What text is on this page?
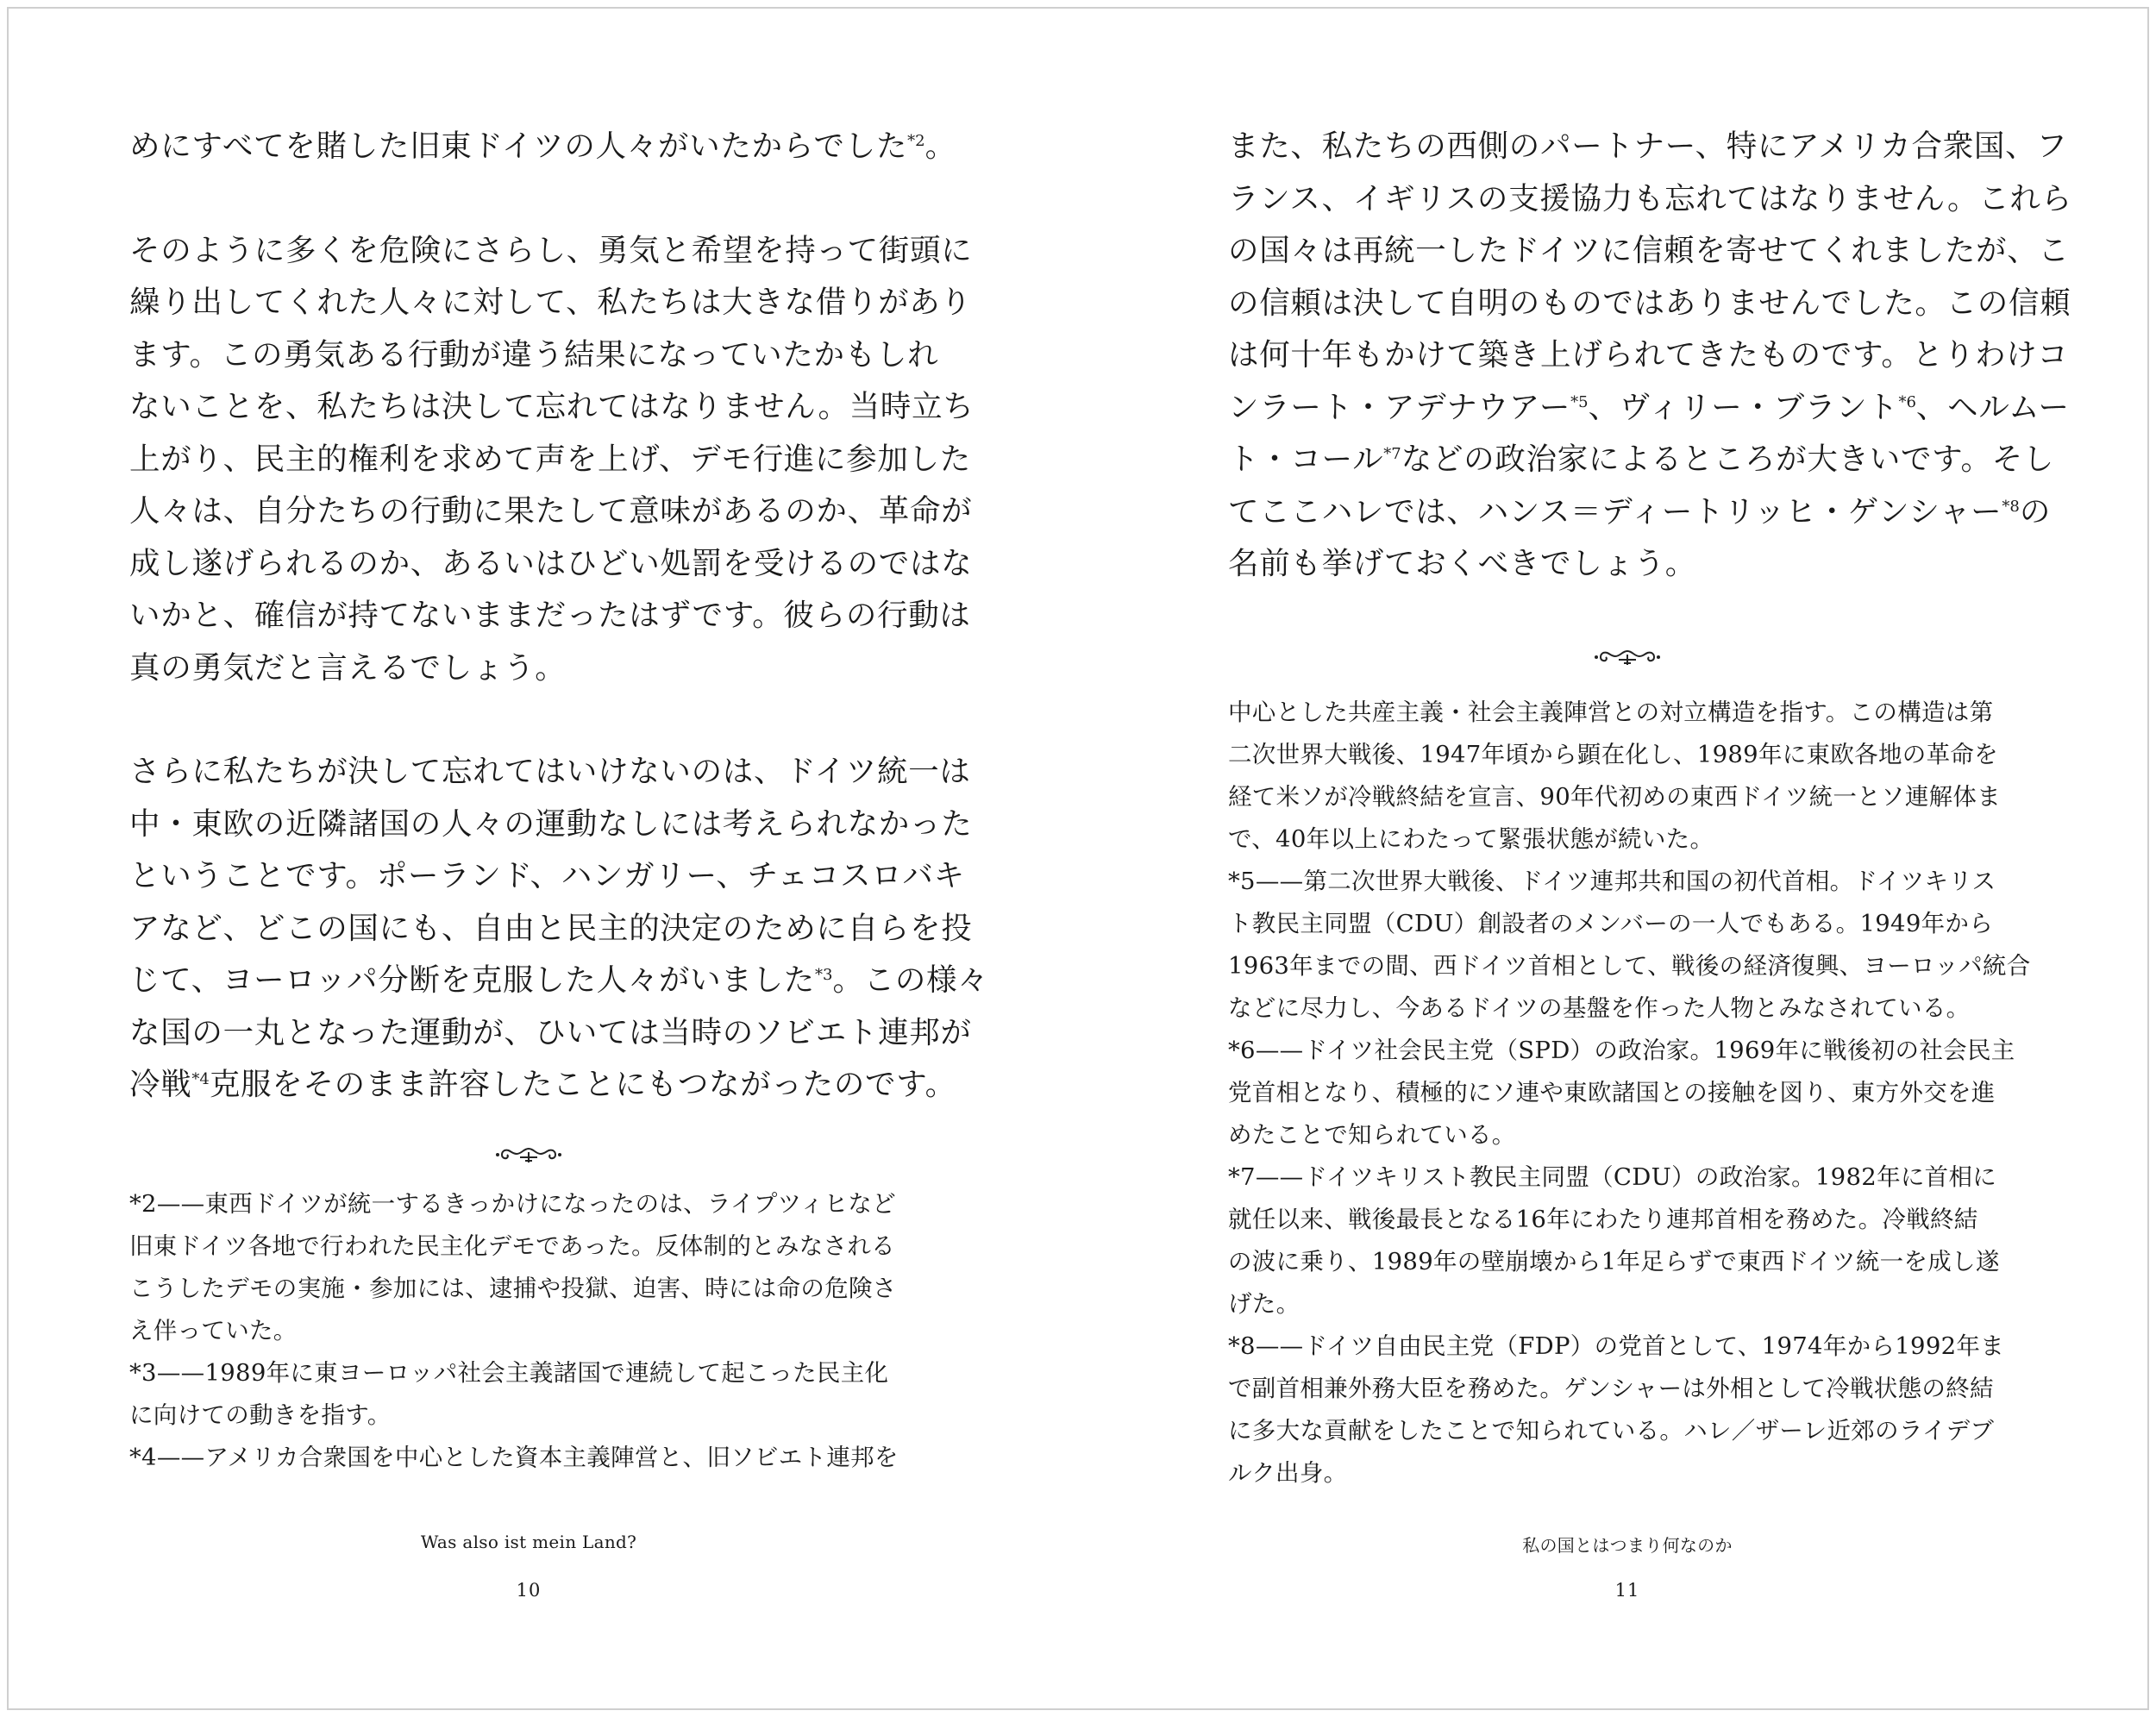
めにすべてを賭した旧東ドイツの人々がいたからでした$^{*2}$。

そのように多くを危険にさらし、勇気と希望を持って街頭に

繰り出してくれた人々に対して、私たちは大きな借りがあり

ます。この勇気ある行動が違う結果になっていたかもしれ

ないことを、私たちは決して忘れてはなりません。当時立ち

上がり、民主的権利を求めて声を上げ、デモ行進に参加した

人々は、自分たちの行動に果たして意味があるのか、革命が

成し遂げられるのか、あるいはひどい処罰を受けるのではな

いかと、確信が持てないままだったはずです。彼らの行動は

真の勇気だと言えるでしょう。

さらに私たちが決して忘れてはいけないのは、ドイツ統一は

中・東欧の近隣諸国の人々の運動なしには考えられなかった

ということです。ポーランド、ハンガリー、チェコスロバキ

アなど、どこの国にも、自由と民主的決定のために自らを投

じて、ヨーロッパ分断を克服した人々がいました$^{*3}$。この様々

な国の一丸となった運動が、ひいては当時のソビエト連邦が

冷戦$^{*4}$克服をそのまま許容したことにもつながったのです。

*2——東西ドイツが統一するきっかけになったのは、ライプツィヒなど

旧東ドイツ各地で行われた民主化デモであった。反体制的とみなされる

こうしたデモの実施・参加には、逮捕や投獄、迫害、時には命の危険さ

え伴っていた。

*3——1989年に東ヨーロッパ社会主義諸国で連続して起こった民主化

に向けての動きを指す。

*4——アメリカ合衆国を中心とした資本主義陣営と、旧ソビエト連邦を

Was also ist mein Land?
10

また、私たちの西側のパートナー、特にアメリカ合衆国、フ

ランス、イギリスの支援協力も忘れてはなりません。これら

の国々は再統一したドイツに信頼を寄せてくれましたが、こ

の信頼は決して自明のものではありませんでした。この信頼

は何十年もかけて築き上げられてきたものです。とりわけコ

ンラート・アデナウアー$^{*5}$、ヴィリー・ブラント$^{*6}$、ヘルムー

ト・コール$^{*7}$などの政治家によるところが大きいです。そし

てここハレでは、ハンス＝ディートリッヒ・ゲンシャー$^{*8}$の

名前も挙げておくべきでしょう。

中心とした共産主義・社会主義陣営との対立構造を指す。この構造は第

二次世界大戦後、1947年頃から顕在化し、1989年に東欧各地の革命を

経て米ソが冷戦終結を宣言、90年代初めの東西ドイツ統一とソ連解体ま

で、40年以上にわたって緊張状態が続いた。

*5——第二次世界大戦後、ドイツ連邦共和国の初代首相。ドイツキリス

ト教民主同盟（CDU）創設者のメンバーの一人でもある。1949年から

1963年までの間、西ドイツ首相として、戦後の経済復興、ヨーロッパ統合

などに尽力し、今あるドイツの基盤を作った人物とみなされている。

*6——ドイツ社会民主党（SPD）の政治家。1969年に戦後初の社会民主

党首相となり、積極的にソ連や東欧諸国との接触を図り、東方外交を進

めたことで知られている。

*7——ドイツキリスト教民主同盟（CDU）の政治家。1982年に首相に

就任以来、戦後最長となる16年にわたり連邦首相を務めた。冷戦終結

の波に乗り、1989年の壁崩壊から1年足らずで東西ドイツ統一を成し遂

げた。

*8——ドイツ自由民主党（FDP）の党首として、1974年から1992年ま

で副首相兼外務大臣を務めた。ゲンシャーは外相として冷戦状態の終結

に多大な貢献をしたことで知られている。ハレ／ザーレ近郊のライデブ

ルク出身。

私の国とはつまり何なのか
11
